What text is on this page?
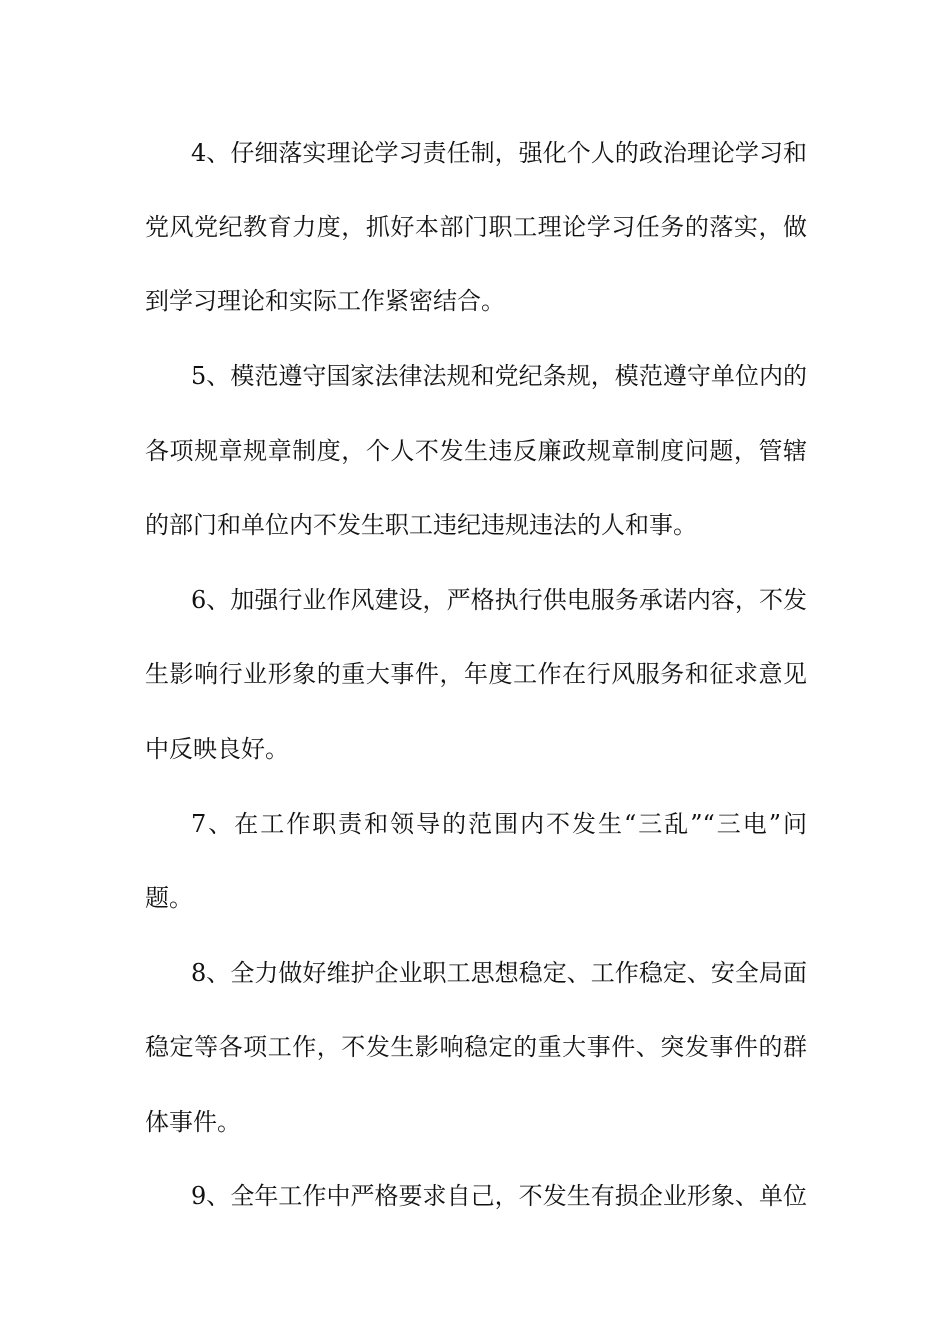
4、仔细落实理论学习责任制，强化个人的政治理论学习和
党风党纪教育力度，抓好本部门职工理论学习任务的落实，做
到学习理论和实际工作紧密结合。
5、模范遵守国家法律法规和党纪条规，模范遵守单位内的
各项规章规章制度，个人不发生违反廉政规章制度问题，管辖
的部门和单位内不发生职工违纪违规违法的人和事。
6、加强行业作风建设，严格执行供电服务承诺内容，不发
生影响行业形象的重大事件，年度工作在行风服务和征求意见
中反映良好。
7、在工作职责和领导的范围内不发生“三乱”“三电”问
题。
8、全力做好维护企业职工思想稳定、工作稳定、安全局面
稳定等各项工作，不发生影响稳定的重大事件、突发事件的群
体事件。
9、全年工作中严格要求自己，不发生有损企业形象、单位
